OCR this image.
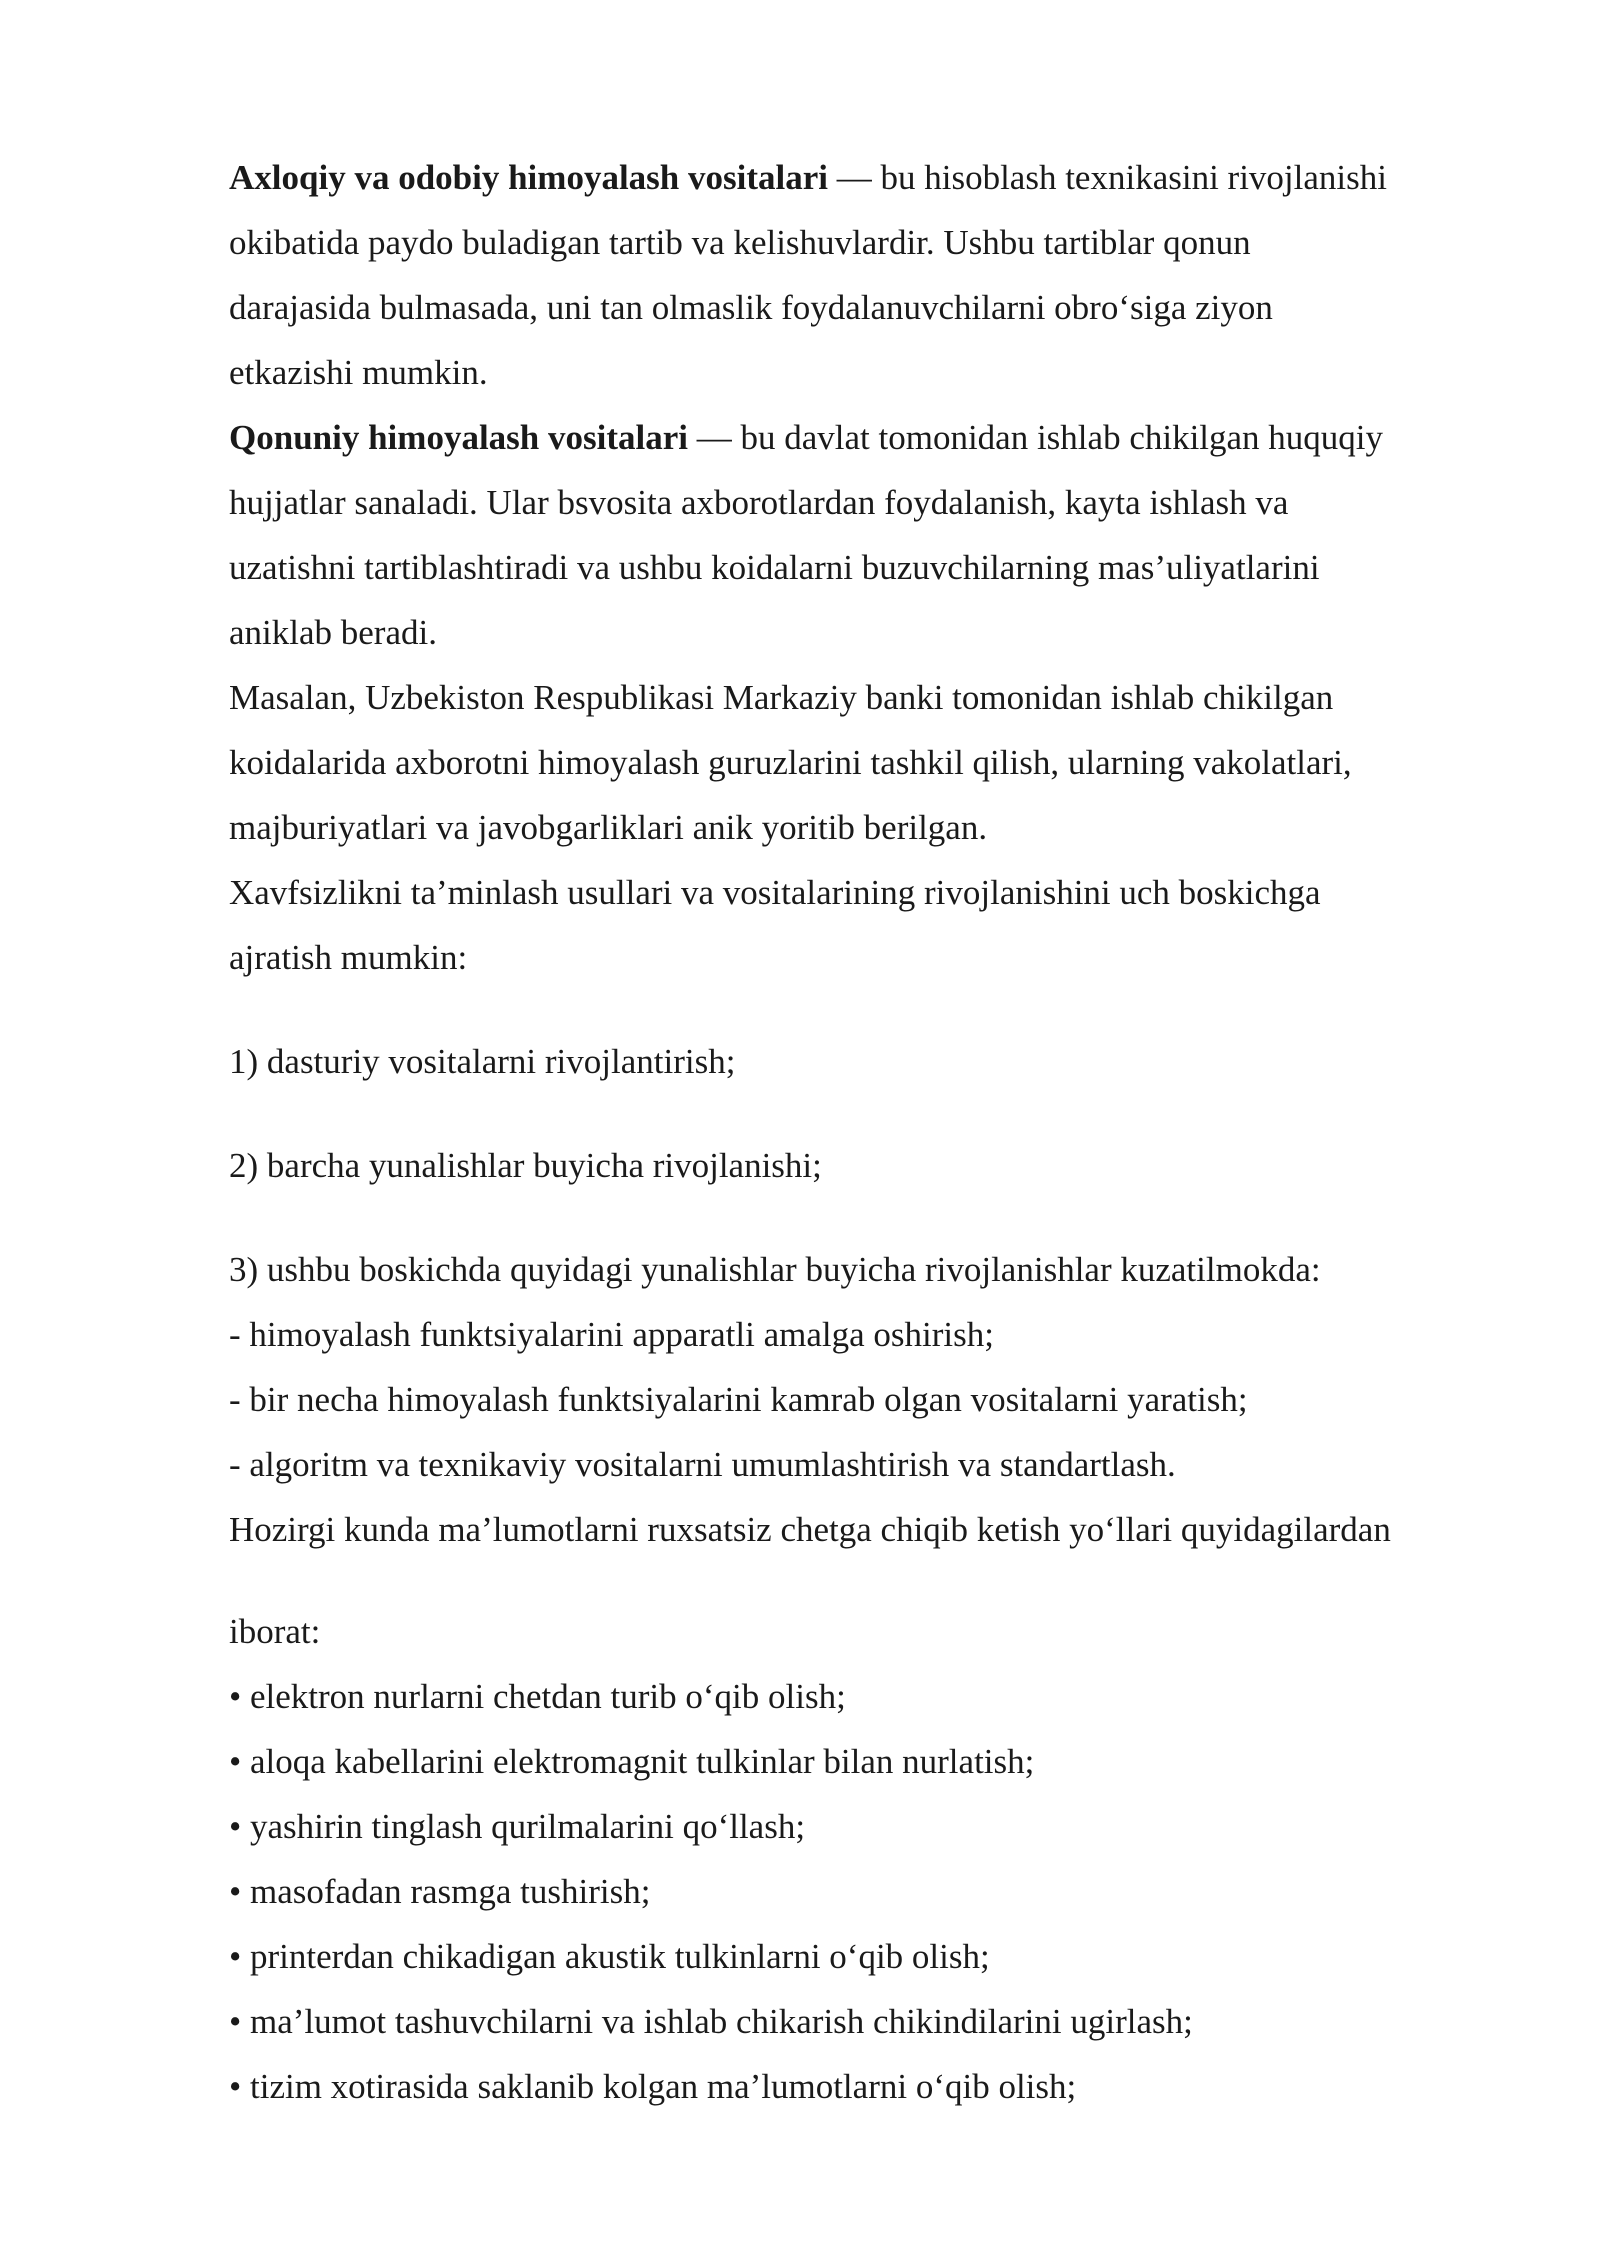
Axloqiy va odobiy himoyalash vositalari — bu hisoblash texnikasini rivojlanishi
okibatida paydo buladigan tartib va kelishuvlardir. Ushbu tartiblar qonun
darajasida bulmasada, uni tan olmaslik foydalanuvchilarni obro‘siga ziyon
etkazishi mumkin.
Qonuniy himoyalash vositalari — bu davlat tomonidan ishlab chikilgan huquqiy
hujjatlar sanaladi. Ular bsvosita axborotlardan foydalanish, kayta ishlash va
uzatishni tartiblashtiradi va ushbu koidalarni buzuvchilarning mas’uliyatlarini
aniklab beradi.
Masalan, Uzbekiston Respublikasi Markaziy banki tomonidan ishlab chikilgan
koidalarida axborotni himoyalash guruzlarini tashkil qilish, ularning vakolatlari,
majburiyatlari va javobgarliklari anik yoritib berilgan.
Xavfsizlikni ta’minlash usullari va vositalarining rivojlanishini uch boskichga
ajratish mumkin:
1) dasturiy vositalarni rivojlantirish;
2) barcha yunalishlar buyicha rivojlanishi;
3) ushbu boskichda quyidagi yunalishlar buyicha rivojlanishlar kuzatilmokda:
- himoyalash funktsiyalarini apparatli amalga oshirish;
- bir necha himoyalash funktsiyalarini kamrab olgan vositalarni yaratish;
- algoritm va texnikaviy vositalarni umumlashtirish va standartlash.
Hozirgi kunda ma’lumotlarni ruxsatsiz chetga chiqib ketish yo‘llari quyidagilardan
iborat:
• elektron nurlarni chetdan turib o‘qib olish;
• aloqa kabellarini elektromagnit tulkinlar bilan nurlatish;
• yashirin tinglash qurilmalarini qo‘llash;
• masofadan rasmga tushirish;
• printerdan chikadigan akustik tulkinlarni o‘qib olish;
• ma’lumot tashuvchilarni va ishlab chikarish chikindilarini ugirlash;
• tizim xotirasida saklanib kolgan ma’lumotlarni o‘qib olish;
